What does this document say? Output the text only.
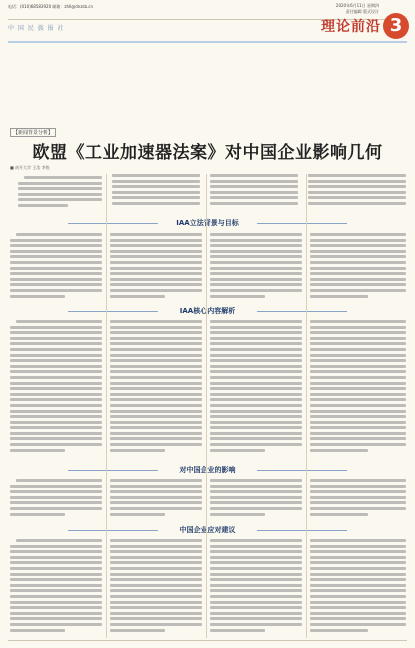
电话：(010)68583920 邮箱：zhll@dnzsb.cn	2020年6月11日 星期四
责任编辑 版式设计
中 国 民 族 报 社	理论前沿 3
【新闻背景分析】
欧盟《工业加速器法案》对中国企业影响几何
■ 南开大学 王浩 李悦
IAA立法背景与目标
IAA核心内容解析
对中国企业的影响
中国企业应对建议
